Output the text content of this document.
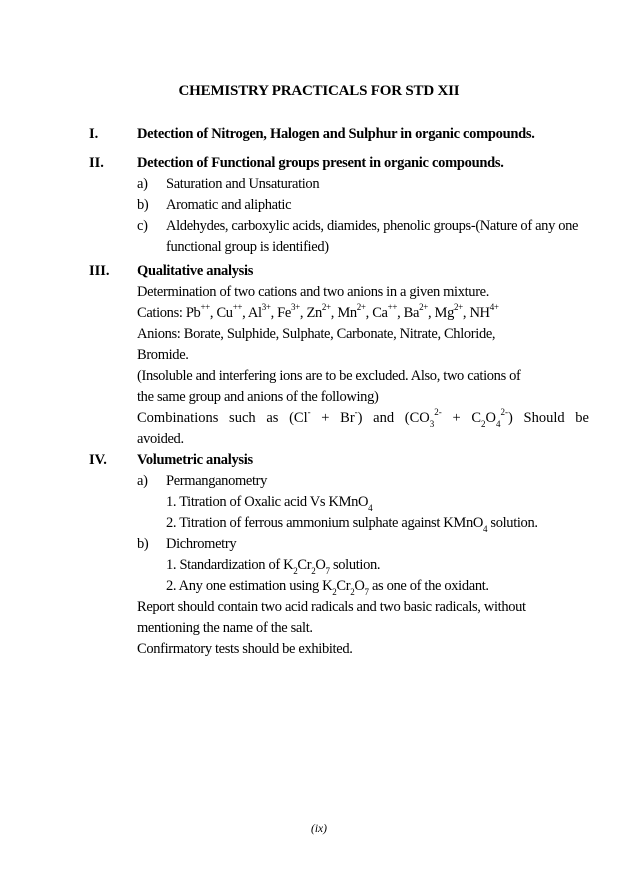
CHEMISTRY PRACTICALS FOR STD XII
I.	Detection of Nitrogen, Halogen and Sulphur in organic compounds.
II. Detection of Functional groups present in organic compounds.
a) Saturation and Unsaturation
b) Aromatic and aliphatic
c) Aldehydes, carboxylic acids, diamides, phenolic groups-(Nature of any one functional group is identified)
III. Qualitative analysis
Determination of two cations and two anions in a given mixture.
Cations: Pb++, Cu++, $Al^{3+}$, $Fe^{3+}$, $Zn^{2+}$, $Mn^{2+}$, Ca++, $Ba^{2+}$, $Mg^{2+}$, $NH^{4+}$
Anions: Borate, Sulphide, Sulphate, Carbonate, Nitrate, Chloride,
Bromide.
(Insoluble and interfering ions are to be excluded. Also, two cations of
the same group and anions of the following)
Combinations such as (Cl- + Br-) and $(CO_3^{2-} + C_2O_4^{2-})$ Should be
avoided.
IV. Volumetric analysis
a) Permanganometry
1. Titration of Oxalic acid Vs KMnO$_4$
2. Titration of ferrous ammonium sulphate against KMnO$_4$ solution.
b) Dichrometry
1. Standardization of $K_2Cr_2O_7$ solution.
2. Any one estimation using $K_2Cr_2O_7$ as one of the oxidant.
Report should contain two acid radicals and two basic radicals, without
mentioning the name of the salt.
Confirmatory tests should be exhibited.
(ix)
